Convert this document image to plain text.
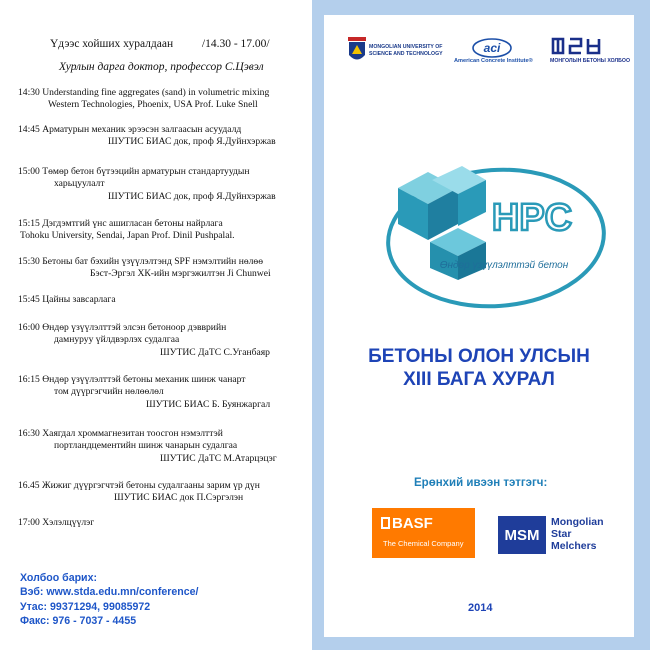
Үдээс хойших хуралдаан	/14.30 - 17.00/
Хурлын дарга доктор, профессор С.Цэвэл
14:30 Understanding fine aggregates (sand) in volumetric mixing
Western Technologies, Phoenix, USA Prof. Luke Snell
14:45 Арматурын механик эрээсэн залгаасын асуудалд
ШУТИС БИАС док, проф Я.Дуйнхэржав
15:00 Төмөр бетон бүтээцийн арматурын стандартуудын
харьцуулалт
ШУТИС БИАС док, проф Я.Дуйнхэржав
15:15 Дэгдэмтгий үнс ашигласан бетоны найрлага
Tohoku University, Sendai, Japan Prof. Dinil Pushpalal.
15:30 Бетоны бат бэхийн үзүүлэлтэнд SPF нэмэлтийн нөлөө
Бэст-Эргэл ХК-ийн мэргэжилтэн Ji Chunwei
15:45 Цайны завсарлага
16:00 Өндөр үзүүлэлттэй элсэн бетоноор дэвврийн
дамнуруу үйлдвэрлэх судалгаа
ШУТИС ДаТС С.Уганбаяр
16:15 Өндөр үзүүлэлттэй бетоны механик шинж чанарт
том дүүргэгчийн нөлөөлөл
ШУТИС БИАС Б. Буянжаргал
16:30 Хаягдал хроммагнезитан тоосгон нэмэлттэй
портландцементийн шинж чанарын судалгаа
ШУТИС ДаТС М.Атарцэцэг
16.45 Жижиг дүүргэгчтэй бетоны судалгааны зарим үр дүн
ШУТИС БИАС док П.Сэргэлэн
17:00 Хэлэлцүүлэг
Холбоо барих:
Вэб: www.stda.edu.mn/conference/
Утас: 99371294, 99085972
Факс: 976 - 7037 - 4455
MONGOLIAN UNIVERSITY OF
SCIENCE AND TECHNOLOGY	aci
American Concrete Institute®	МОНГОЛЫН БЕТОНЫ ХОЛБОО
HPC
Өндөр үзүүлэлттэй бетон
БЕТОНЫ ОЛОН УЛСЫН
XIII БАГА ХУРАЛ
Ерөнхий ивээн тэтгэгч:
BASF
The Chemical Company	MSM
Mongolian
Star
Melchers
2014
